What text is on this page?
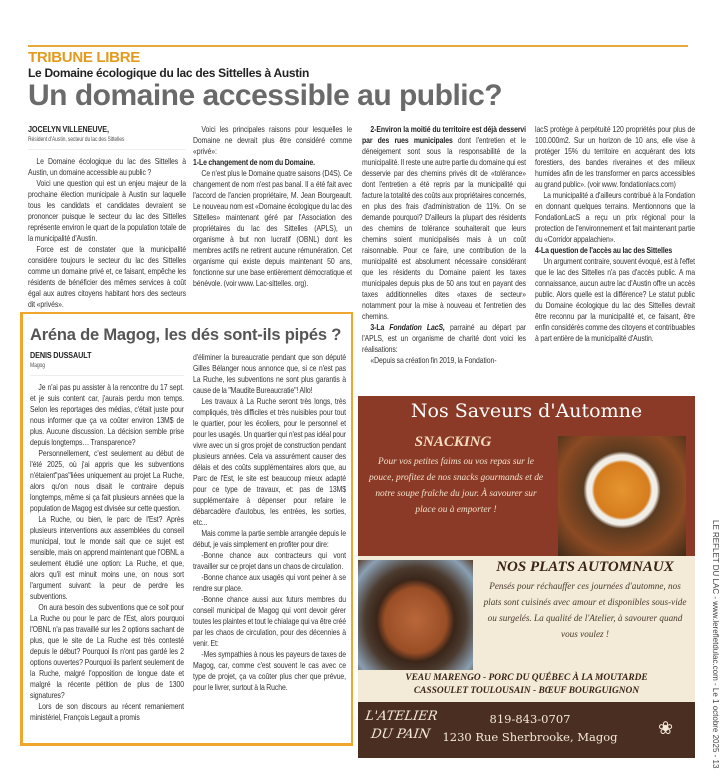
TRIBUNE LIBRE
Le Domaine écologique du lac des Sittelles à Austin
Un domaine accessible au public?

JOCELYN VILLENEUVE,

Résident d'Austin, secteur du lac des Sittelles

Le Domaine écologique du lac des Sittelles à Austin, un domaine accessible au public ?

Voici une question qui est un enjeu majeur de la prochaine élection municipale à Austin sur laquelle tous les candidats et candidates devraient se prononcer puisque le secteur du lac des Sittelles représente environ le quart de la population totale de la municipalité d'Austin.

Force est de constater que la municipalité considère toujours le secteur du lac des Sittelles comme un domaine privé et, ce faisant, empêche les résidents de bénéficier des mêmes services à coût égal aux autres citoyens habitant hors des secteurs dit «privés».

Voici les principales raisons pour lesquelles le Domaine ne devrait plus être considéré comme «privé»:

1-Le changement de nom du Domaine.

Ce n'est plus le Domaine quatre saisons (D4S). Ce changement de nom n'est pas banal. Il a été fait avec l'accord de l'ancien propriétaire, M. Jean Bourgeault. Le nouveau nom est «Domaine écologique du lac des Sittelles» maintenant géré par l'Association des propriétaires du lac des Sittelles (APLS), un organisme à but non lucratif (OBNL) dont les membres actifs ne retirent aucune rémunération. Cet organisme qui existe depuis maintenant 50 ans, fonctionne sur une base entièrement démocratique et bénévole. (voir www. Lac-sittelles. org).

2-Environ la moitié du territoire est déjà desservi par des rues municipales dont l'entretien et le déneigement sont sous la responsabilité de la municipalité. Il reste une autre partie du domaine qui est desservie par des chemins privés dit de «tolérance» dont l'entretien a été repris par la municipalité qui facture la totalité des coûts aux propriétaires concernés, en plus des frais d'administration de 11%. On se demande pourquoi? D'ailleurs la plupart des résidents des chemins de tolérance souhaiterait que leurs chemins soient municipalisés mais à un coût raisonnable. Pour ce faire, une contribution de la municipalité est absolument nécessaire considérant que les résidents du Domaine paient les taxes municipales depuis plus de 50 ans tout en payant des taxes additionnelles dites «taxes de secteur» notamment pour la mise à nouveau et l'entretien des chemins.

3-La Fondation LacS, parrainé au départ par l'APLS, est un organisme de charité dont voici les réalisations:

«Depuis sa création fin 2019, la Fondation-

lacS protège à perpétuité 120 propriétés pour plus de 100.000m2. Sur un horizon de 10 ans, elle vise à protéger 15% du territoire en acquérant des lots forestiers, des bandes riveraines et des milieux humides afin de les transformer en parcs accessibles au grand public». (voir www. fondationlacs.com)

La municipalité a d'ailleurs contribué à la Fondation en donnant quelques terrains. Mentionnons que la FondationLacS a reçu un prix régional pour la protection de l'environnement et fait maintenant partie du «Corridor appalachien».

4-La question de l'accès au lac des Sittelles

Un argument contraire, souvent évoqué, est à l'effet que le lac des Sittelles n'a pas d'accès public. A ma connaissance, aucun autre lac d'Austin offre un accès public. Alors quelle est la différence? Le statut public du Domaine écologique du lac des Sittelles devrait être reconnu par la municipalité et, ce faisant, être enfin considérés comme des citoyens et contribuables à part entière de la municipalité d'Austin.

Aréna de Magog, les dés sont-ils pipés ?

DENIS DUSSAULT

Magog

Je n'ai pas pu assister à la rencontre du 17 sept. et je suis content car, j'aurais perdu mon temps. Selon les reportages des médias, c'était juste pour nous informer que ça va coûter environ 13M$ de plus. Aucune discussion. La décision semble prise depuis longtemps… Transparence?

Personnellement, c'est seulement au début de l'été 2025, où j'ai appris que les subventions n'étaient"pas"liées uniquement au projet La Ruche, alors qu'on nous disait le contraire depuis longtemps, même si ça fait plusieurs années que la population de Magog est divisée sur cette question.

La Ruche, ou bien, le parc de l'Est? Après plusieurs interventions aux assemblées du conseil municipal, tout le monde sait que ce sujet est sensible, mais on apprend maintenant que l'OBNL a seulement étudié une option: La Ruche, et que, alors qu'il est minuit moins une, on nous sort l'argument suivant: la peur de perdre les subventions.

On aura besoin des subventions que ce soit pour La Ruche ou pour le parc de l'Est, alors pourquoi l'OBNL n'a pas travaillé sur les 2 options sachant de plus, que le site de La Ruche est très contesté depuis le début? Pourquoi ils n'ont pas gardé les 2 options ouvertes? Pourquoi ils parlent seulement de la Ruche, malgré l'opposition de longue date et malgré la récente pétition de plus de 1300 signatures?

Lors de son discours au récent remaniement ministériel, François Legault a promis

d'éliminer la bureaucratie pendant que son député Gilles Bélanger nous annonce que, si ce n'est pas La Ruche, les subventions ne sont plus garantis à cause de la "Maudite Bureaucratie"! Allo!

Les travaux à La Ruche seront très longs, très compliqués, très difficiles et très nuisibles pour tout le quartier, pour les écoliers, pour le personnel et pour les usagés. Un quartier qui n'est pas idéal pour vivre avec un si gros projet de construction pendant plusieurs années. Cela va assurément causer des délais et des coûts supplémentaires alors que, au Parc de l'Est, le site est beaucoup mieux adapté pour ce type de travaux, et: pas de 13M$ supplémentaire à dépenser pour refaire le débarcadère d'autobus, les entrées, les sorties, etc...

Mais comme la partie semble arrangée depuis le début, je vais simplement en profiter pour dire:

-Bonne chance aux contracteurs qui vont travailler sur ce projet dans un chaos de circulation.

-Bonne chance aux usagés qui vont peiner à se rendre sur place.

-Bonne chance aussi aux futurs membres du conseil municipal de Magog qui vont devoir gérer toutes les plaintes et tout le chialage qui va être créé par les chaos de circulation, pour des décennies à venir. Et:

-Mes sympathies à nous les payeurs de taxes de Magog, car, comme c'est souvent le cas avec ce type de projet, ça va coûter plus cher que prévue, pour le livrer, surtout à la Ruche.

Nos Saveurs d'Automne
SNACKING
Pour vos petites faims ou vos repas sur le pouce, profitez de nos snacks gourmands et de notre soupe fraîche du jour. À savourer sur place ou à emporter !
NOS PLATS AUTOMNAUX
Pensés pour réchauffer ces journées d'automne, nos plats sont cuisinés avec amour et disponibles sous-vide ou surgelés. La qualité de l'Atelier, à savourer quand vous voulez !
VEAU MARENGO - PORC DU QUÉBEC À LA MOUTARDE
CASSOULET TOULOUSAIN - BŒUF BOURGUIGNON
L'ATELIER
DU PAIN
819-843-0707
1230 Rue Sherbrooke, Magog	❀	LE REFLET DU LAC - www.lerefletdulac.com - Le 1 octobre 2025 - 13
